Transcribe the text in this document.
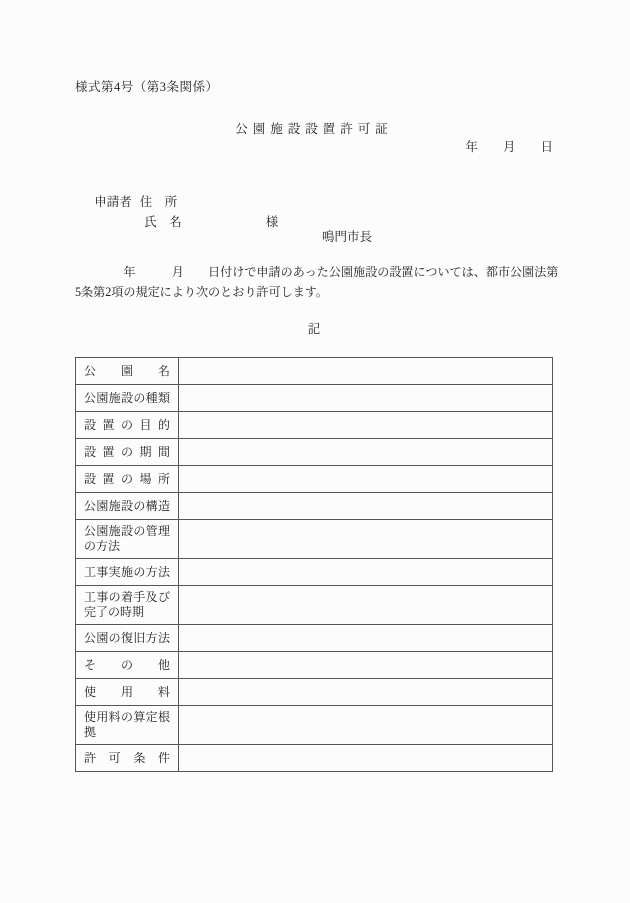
様式第4号（第3条関係）
公園施設設置許可証
年　　月　　日

申請者 住　所

氏　名	様

鳴門市長
　　　　年　　　月　　日付けで申請のあった公園施設の設置については、都市公園法第
5条第2項の規定により次のとおり許可します。
記
公園名	
公園施設の種類	
設置の目的	
設置の期間	
設置の場所	
公園施設の構造	
公園施設の管理の方法	
工事実施の方法	
工事の着手及び完了の時期	
公園の復旧方法	
その他	
使用料	
使用料の算定根拠	
許可条件	
